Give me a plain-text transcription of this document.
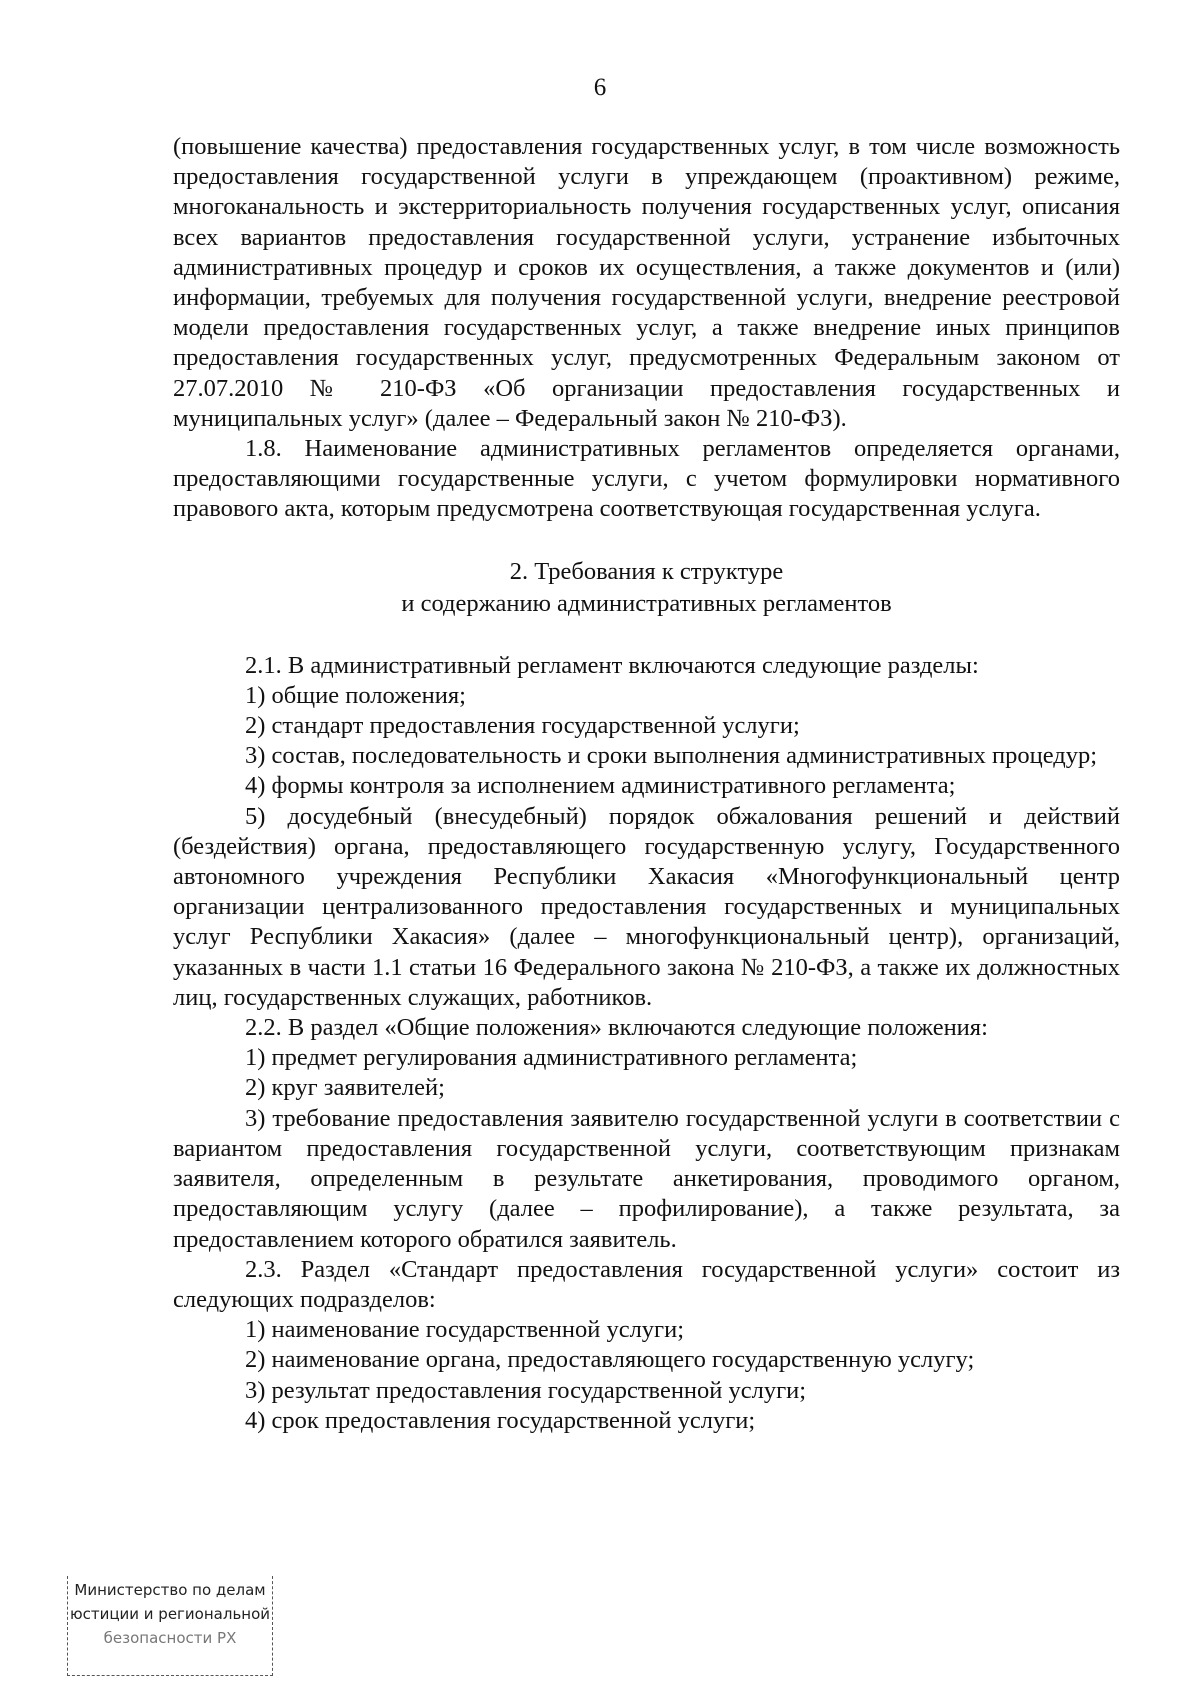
6

(повышение качества) предоставления государственных услуг, в том числе возможность предоставления государственной услуги в упреждающем (проактивном) режиме, многоканальность и экстерриториальность получения государственных услуг, описания всех вариантов предоставления государственной услуги, устранение избыточных административных процедур и сроков их осуществления, а также документов и (или) информации, требуемых для получения государственной услуги, внедрение реестровой модели предоставления государственных услуг, а также внедрение иных принципов предоставления государственных услуг, предусмотренных Федеральным законом от 27.07.2010 № 210-ФЗ «Об организации предоставления государственных и муниципальных услуг» (далее – Федеральный закон № 210-ФЗ).

1.8. Наименование административных регламентов определяется органами, предоставляющими государственные услуги, с учетом формулировки нормативного правового акта, которым предусмотрена соответствующая государственная услуга.

2. Требования к структуре
и содержанию административных регламентов

2.1. В административный регламент включаются следующие разделы:

1) общие положения;

2) стандарт предоставления государственной услуги;

3) состав, последовательность и сроки выполнения административных процедур;

4) формы контроля за исполнением административного регламента;

5) досудебный (внесудебный) порядок обжалования решений и действий (бездействия) органа, предоставляющего государственную услугу, Государственного автономного учреждения Республики Хакасия «Многофункциональный центр организации централизованного предоставления государственных и муниципальных услуг Республики Хакасия» (далее – многофункциональный центр), организаций, указанных в части 1.1 статьи 16 Федерального закона № 210-ФЗ, а также их должностных лиц, государственных служащих, работников.

2.2. В раздел «Общие положения» включаются следующие положения:

1) предмет регулирования административного регламента;

2) круг заявителей;

3) требование предоставления заявителю государственной услуги в соответствии с вариантом предоставления государственной услуги, соответствующим признакам заявителя, определенным в результате анкетирования, проводимого органом, предоставляющим услугу (далее – профилирование), а также результата, за предоставлением которого обратился заявитель.

2.3. Раздел «Стандарт предоставления государственной услуги» состоит из следующих подразделов:

1) наименование государственной услуги;

2) наименование органа, предоставляющего государственную услугу;

3) результат предоставления государственной услуги;

4) срок предоставления государственной услуги;

Министерство по делам
юстиции и региональной
безопасности РХ
